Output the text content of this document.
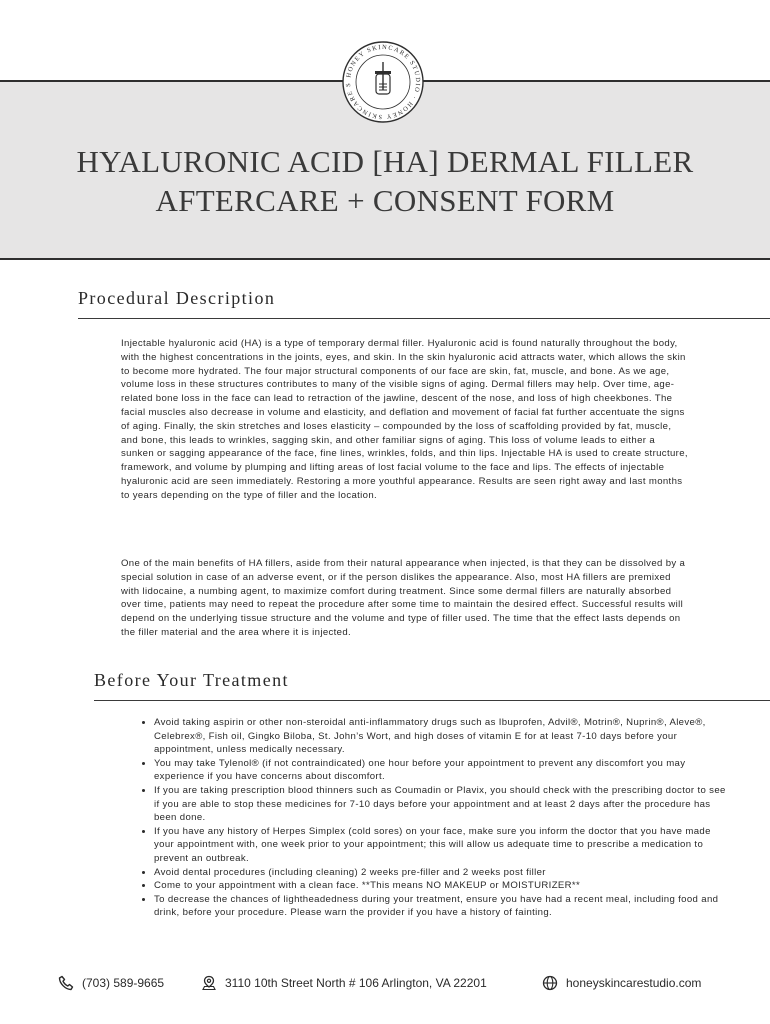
HONEY SKINCARE STUDIO · HONEY SKINCARE S
HYALURONIC ACID [HA] DERMAL FILLER
AFTERCARE + CONSENT FORM
Procedural Description

Injectable hyaluronic acid (HA) is a type of temporary dermal filler. Hyaluronic acid is found naturally throughout the body, with the highest concentrations in the joints, eyes, and skin. In the skin hyaluronic acid attracts water, which allows the skin to become more hydrated. The four major structural components of our face are skin, fat, muscle, and bone. As we age, volume loss in these structures contributes to many of the visible signs of aging. Dermal fillers may help. Over time, age-related bone loss in the face can lead to retraction of the jawline, descent of the nose, and loss of high cheekbones. The facial muscles also decrease in volume and elasticity, and deflation and movement of facial fat further accentuate the signs of aging. Finally, the skin stretches and loses elasticity – compounded by the loss of scaffolding provided by fat, muscle, and bone, this leads to wrinkles, sagging skin, and other familiar signs of aging. This loss of volume leads to either a sunken or sagging appearance of the face, fine lines, wrinkles, folds, and thin lips. Injectable HA is used to create structure, framework, and volume by plumping and lifting areas of lost facial volume to the face and lips. The effects of injectable hyaluronic acid are seen immediately. Restoring a more youthful appearance. Results are seen right away and last months to years depending on the type of filler and the location.

One of the main benefits of HA fillers, aside from their natural appearance when injected, is that they can be dissolved by a special solution in case of an adverse event, or if the person dislikes the appearance. Also, most HA fillers are premixed with lidocaine, a numbing agent, to maximize comfort during treatment. Since some dermal fillers are naturally absorbed over time, patients may need to repeat the procedure after some time to maintain the desired effect. Successful results will depend on the underlying tissue structure and the volume and type of filler used. The time that the effect lasts depends on the filler material and the area where it is injected.

Before Your Treatment
• Avoid taking aspirin or other non-steroidal anti-inflammatory drugs such as Ibuprofen, Advil®, Motrin®, Nuprin®, Aleve®, Celebrex®, Fish oil, Gingko Biloba, St. John’s Wort, and high doses of vitamin E for at least 7-10 days before your appointment, unless medically necessary.
• You may take Tylenol® (if not contraindicated) one hour before your appointment to prevent any discomfort you may experience if you have concerns about discomfort.
• If you are taking prescription blood thinners such as Coumadin or Plavix, you should check with the prescribing doctor to see if you are able to stop these medicines for 7-10 days before your appointment and at least 2 days after the procedure has been done.
• If you have any history of Herpes Simplex (cold sores) on your face, make sure you inform the doctor that you have made your appointment with, one week prior to your appointment; this will allow us adequate time to prescribe a medication to prevent an outbreak.
• Avoid dental procedures (including cleaning) 2 weeks pre-filler and 2 weeks post filler
• Come to your appointment with a clean face. **This means NO MAKEUP or MOISTURIZER**
• To decrease the chances of lightheadedness during your treatment, ensure you have had a recent meal, including food and drink, before your procedure. Please warn the provider if you have a history of fainting.
(703) 589-9665	3110 10th Street North # 106 Arlington, VA 22201	honeyskincarestudio.com
